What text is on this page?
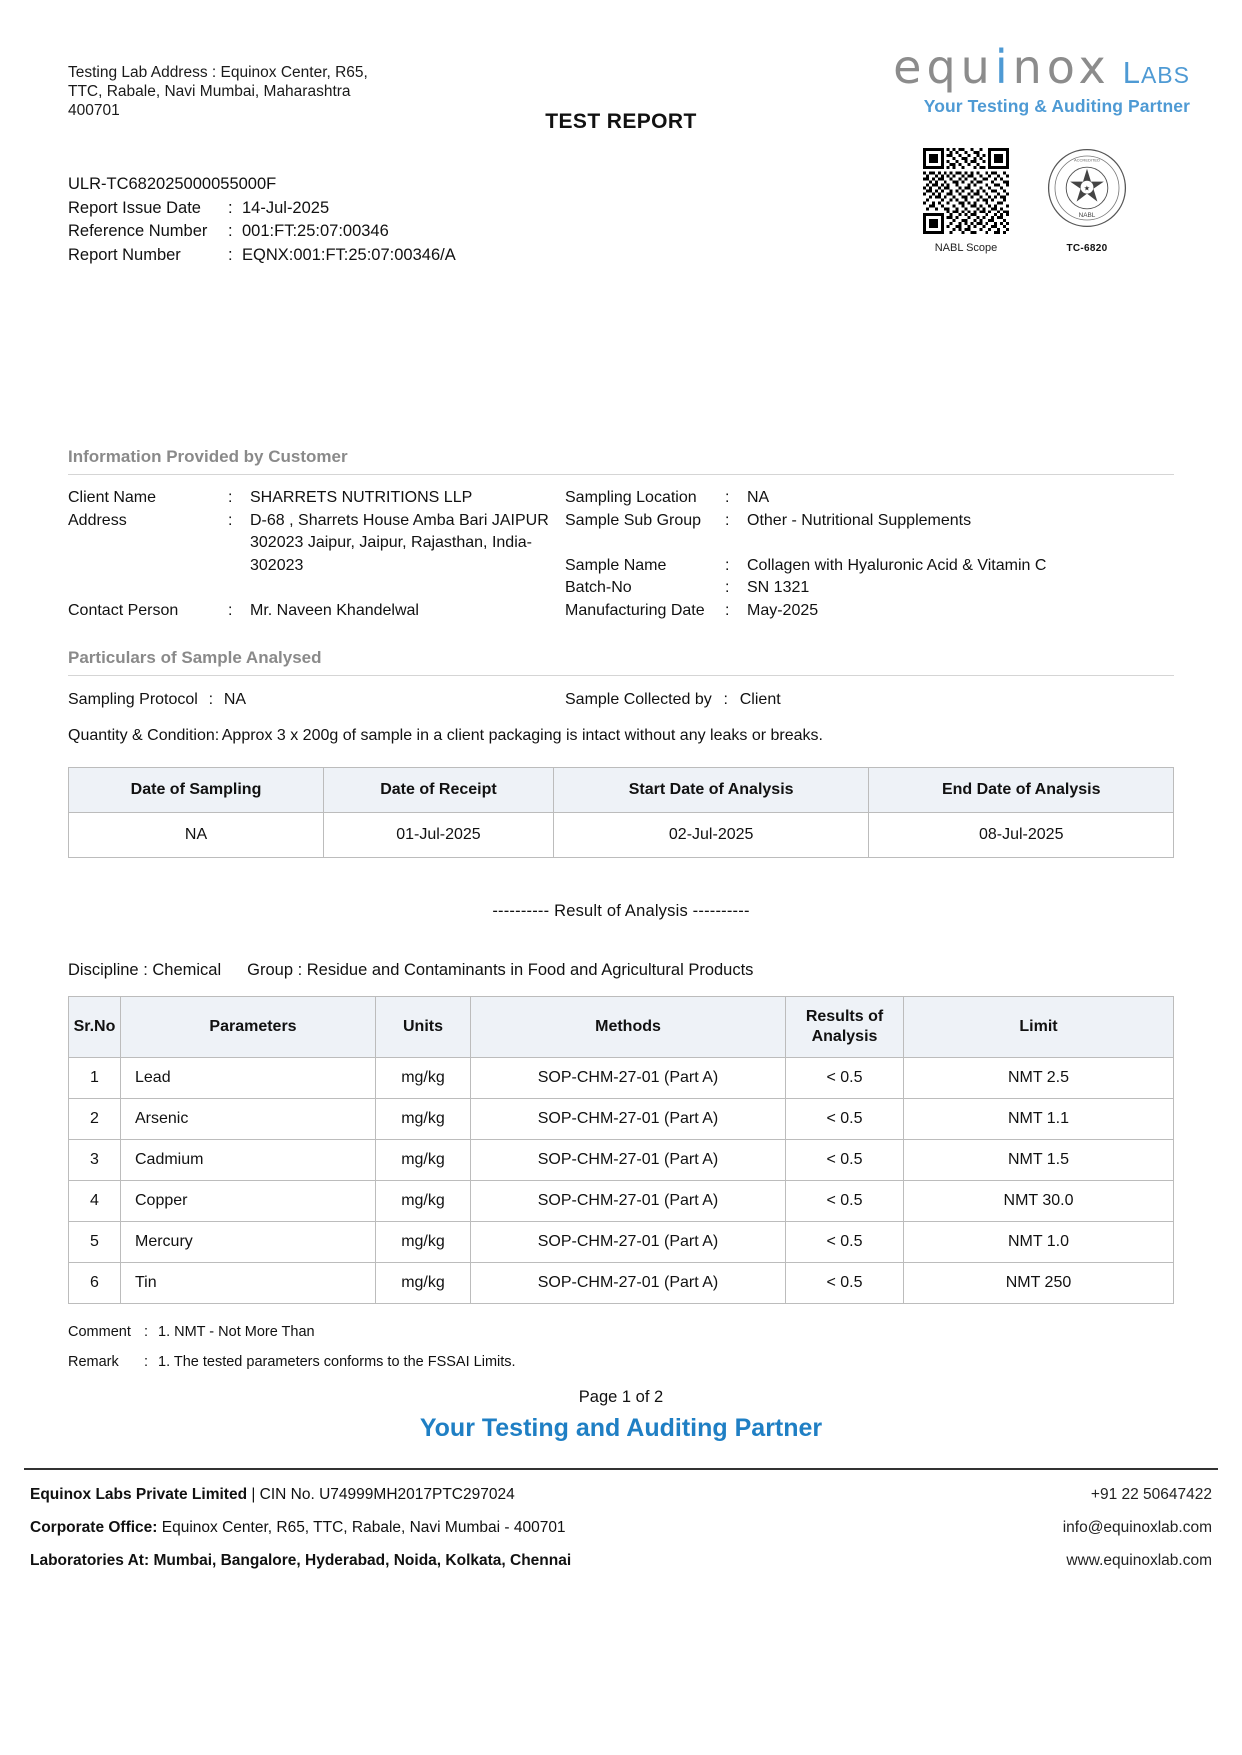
Testing Lab Address : Equinox Center, R65, TTC, Rabale, Navi Mumbai, Maharashtra 400701	TEST REPORT
equinox LABS
Your Testing & Auditing Partner
ULR-TC682025000055000F
Report Issue Date : 14-Jul-2025
Reference Number : 001:FT:25:07:00346
Report Number	: EQNX:001:FT:25:07:00346/A	NABL Scope
★
NABL
ACCREDITED
TC-6820
Information Provided by Customer
Client Name	:	SHARRETS NUTRITIONS LLP
Address	:	D-68 , Sharrets House Amba Bari JAIPUR 302023 Jaipur, Jaipur, Rajasthan, India-302023
Contact Person	:	Mr. Naveen Khandelwal
Sampling Location	:	NA
Sample Sub Group	:	Other - Nutritional Supplements
Sample Name	:	Collagen with Hyaluronic Acid & Vitamin C
Batch-No	:	SN 1321
Manufacturing Date	:	May-2025
Particulars of Sample Analysed
Sampling Protocol : NA	Sample Collected by : Client
Quantity & Condition : Approx 3 x 200g of sample in a client packaging is intact without any leaks or breaks.
Date of Sampling	Date of Receipt	Start Date of Analysis	End Date of Analysis
NA	01-Jul-2025	02-Jul-2025	08-Jul-2025
---------- Result of Analysis ----------
Discipline : Chemical Group : Residue and Contaminants in Food and Agricultural Products
Sr.No	Parameters	Units	Methods	Results of Analysis	Limit
1	Lead	mg/kg	SOP-CHM-27-01 (Part A)	< 0.5	NMT 2.5
2	Arsenic	mg/kg	SOP-CHM-27-01 (Part A)	< 0.5	NMT 1.1
3	Cadmium	mg/kg	SOP-CHM-27-01 (Part A)	< 0.5	NMT 1.5
4	Copper	mg/kg	SOP-CHM-27-01 (Part A)	< 0.5	NMT 30.0
5	Mercury	mg/kg	SOP-CHM-27-01 (Part A)	< 0.5	NMT 1.0
6	Tin	mg/kg	SOP-CHM-27-01 (Part A)	< 0.5	NMT 250
Comment : 1. NMT - Not More Than
Remark	: 1. The tested parameters conforms to the FSSAI Limits.
Page 1 of 2
Your Testing and Auditing Partner
Equinox Labs Private Limited | CIN No. U74999MH2017PTC297024	+91 22 50647422
Corporate Office: Equinox Center, R65, TTC, Rabale, Navi Mumbai - 400701	info@equinoxlab.com
Laboratories At: Mumbai, Bangalore, Hyderabad, Noida, Kolkata, Chennai	www.equinoxlab.com
